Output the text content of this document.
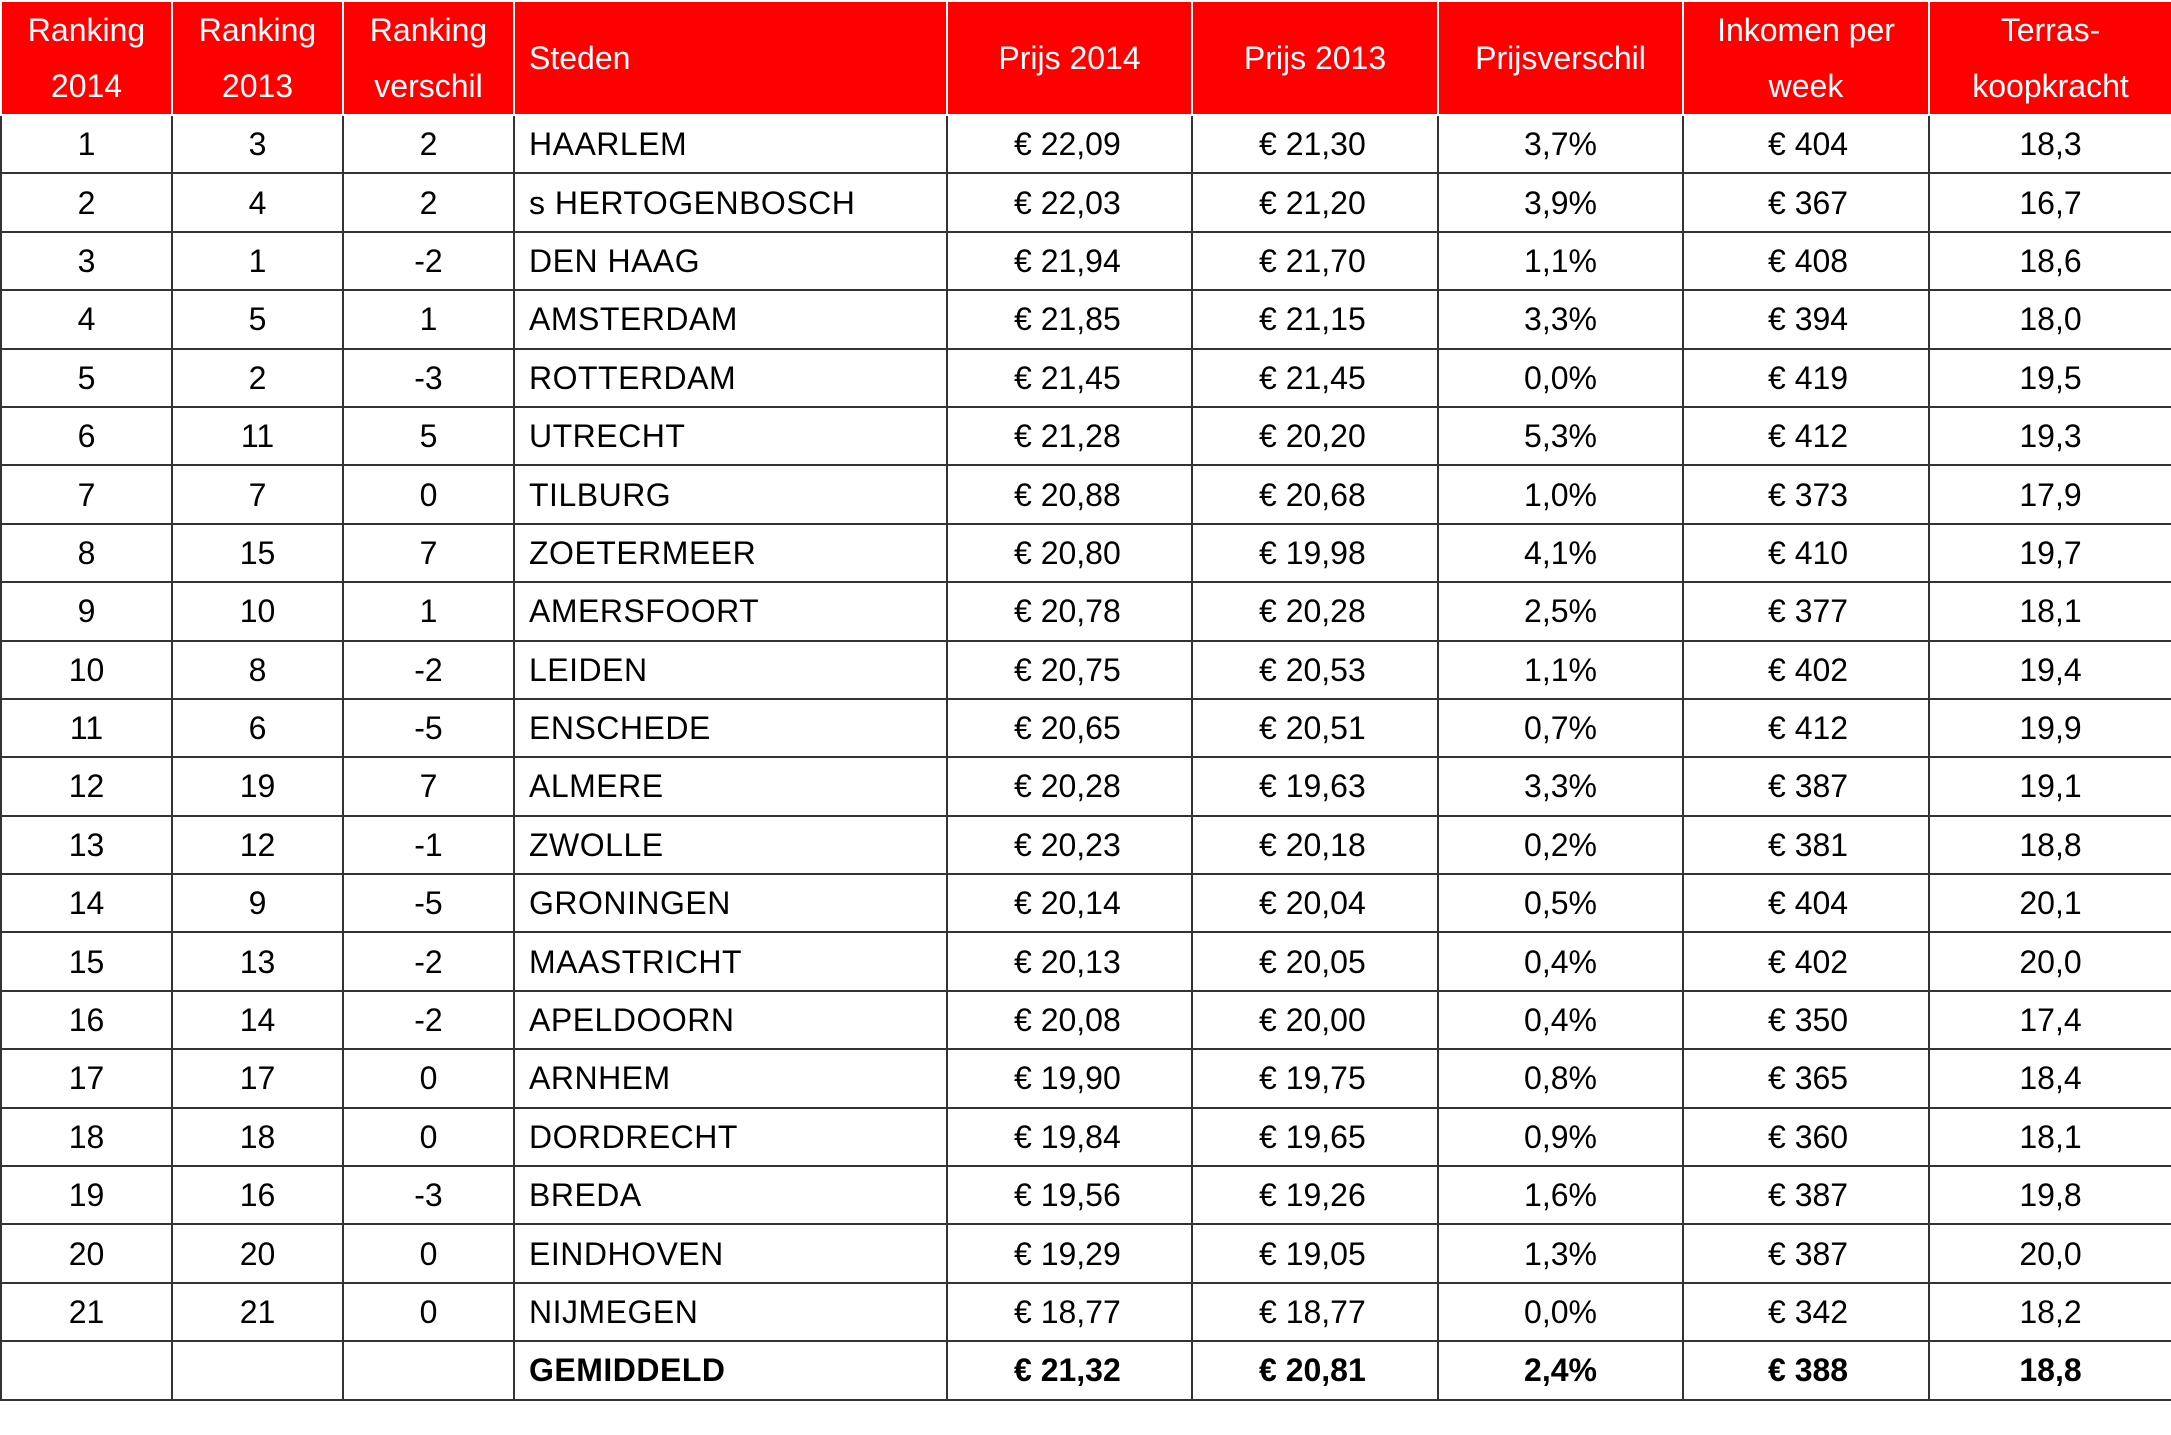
Ranking 2014	Ranking 2013	Ranking verschil	Steden	Prijs 2014	Prijs 2013	Prijsverschil	Inkomen per week	Terras-koopkracht
1	3	2	HAARLEM	€ 22,09	€ 21,30	3,7%	€ 404	18,3
2	4	2	s HERTOGENBOSCH	€ 22,03	€ 21,20	3,9%	€ 367	16,7
3	1	-2	DEN HAAG	€ 21,94	€ 21,70	1,1%	€ 408	18,6
4	5	1	AMSTERDAM	€ 21,85	€ 21,15	3,3%	€ 394	18,0
5	2	-3	ROTTERDAM	€ 21,45	€ 21,45	0,0%	€ 419	19,5
6	11	5	UTRECHT	€ 21,28	€ 20,20	5,3%	€ 412	19,3
7	7	0	TILBURG	€ 20,88	€ 20,68	1,0%	€ 373	17,9
8	15	7	ZOETERMEER	€ 20,80	€ 19,98	4,1%	€ 410	19,7
9	10	1	AMERSFOORT	€ 20,78	€ 20,28	2,5%	€ 377	18,1
10	8	-2	LEIDEN	€ 20,75	€ 20,53	1,1%	€ 402	19,4
11	6	-5	ENSCHEDE	€ 20,65	€ 20,51	0,7%	€ 412	19,9
12	19	7	ALMERE	€ 20,28	€ 19,63	3,3%	€ 387	19,1
13	12	-1	ZWOLLE	€ 20,23	€ 20,18	0,2%	€ 381	18,8
14	9	-5	GRONINGEN	€ 20,14	€ 20,04	0,5%	€ 404	20,1
15	13	-2	MAASTRICHT	€ 20,13	€ 20,05	0,4%	€ 402	20,0
16	14	-2	APELDOORN	€ 20,08	€ 20,00	0,4%	€ 350	17,4
17	17	0	ARNHEM	€ 19,90	€ 19,75	0,8%	€ 365	18,4
18	18	0	DORDRECHT	€ 19,84	€ 19,65	0,9%	€ 360	18,1
19	16	-3	BREDA	€ 19,56	€ 19,26	1,6%	€ 387	19,8
20	20	0	EINDHOVEN	€ 19,29	€ 19,05	1,3%	€ 387	20,0
21	21	0	NIJMEGEN	€ 18,77	€ 18,77	0,0%	€ 342	18,2
			GEMIDDELD	€ 21,32	€ 20,81	2,4%	€ 388	18,8
